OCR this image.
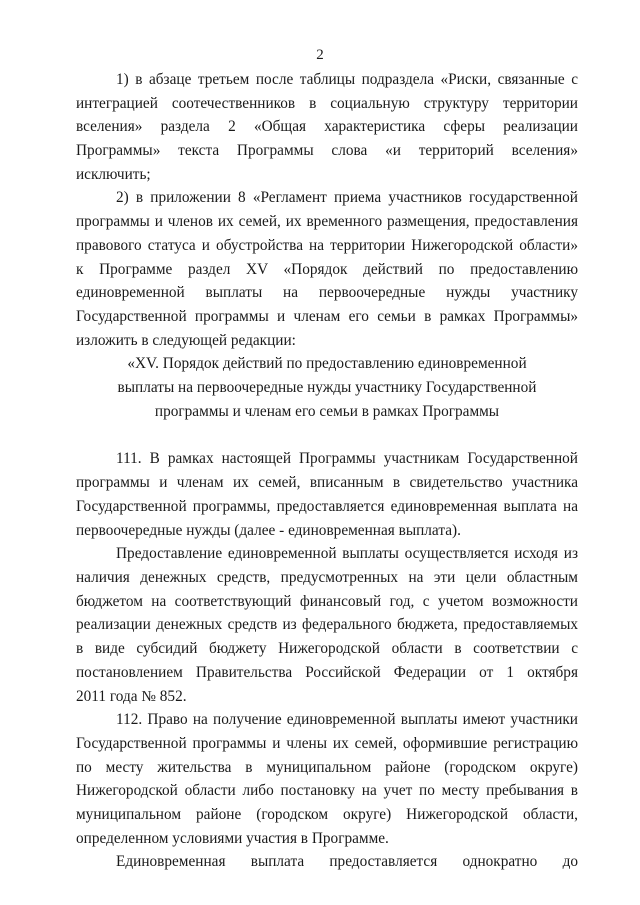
2
1) в абзаце третьем после таблицы подраздела «Риски, связанные с
интеграцией соотечественников в социальную структуру территории
вселения» раздела 2 «Общая характеристика сферы реализации
Программы» текста Программы слова «и территорий вселения»
исключить;
2) в приложении 8 «Регламент приема участников государственной
программы и членов их семей, их временного размещения, предоставления
правового статуса и обустройства на территории Нижегородской области»
к Программе раздел XV «Порядок действий по предоставлению
единовременной выплаты на первоочередные нужды участнику
Государственной программы и членам его семьи в рамках Программы»
изложить в следующей редакции:
«XV. Порядок действий по предоставлению единовременной
выплаты на первоочередные нужды участнику Государственной
программы и членам его семьи в рамках Программы
111. В рамках настоящей Программы участникам Государственной
программы и членам их семей, вписанным в свидетельство участника
Государственной программы, предоставляется единовременная выплата на
первоочередные нужды (далее - единовременная выплата).
Предоставление единовременной выплаты осуществляется исходя из
наличия денежных средств, предусмотренных на эти цели областным
бюджетом на соответствующий финансовый год, с учетом возможности
реализации денежных средств из федерального бюджета, предоставляемых
в виде субсидий бюджету Нижегородской области в соответствии с
постановлением Правительства Российской Федерации от 1 октября
2011 года № 852.
112. Право на получение единовременной выплаты имеют участники
Государственной программы и члены их семей, оформившие регистрацию
по месту жительства в муниципальном районе (городском округе)
Нижегородской области либо постановку на учет по месту пребывания в
муниципальном районе (городском округе) Нижегородской области,
определенном условиями участия в Программе.
Единовременная выплата предоставляется однократно до
